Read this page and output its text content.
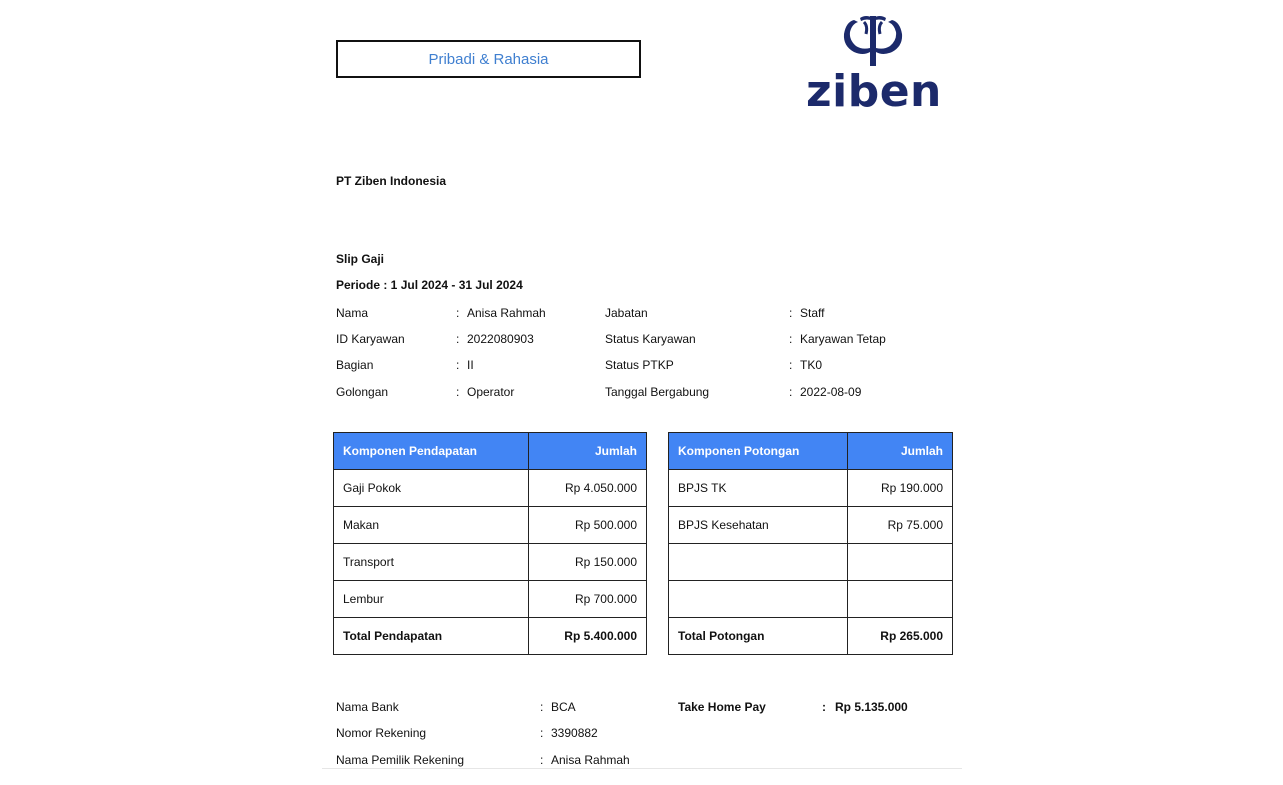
Pribadi & Rahasia
ziben
PT Ziben Indonesia
Slip Gaji
Periode : 1 Jul 2024 - 31 Jul 2024
Nama	: Anisa Rahmah
ID Karyawan	: 2022080903
Bagian	: II
Golongan	: Operator
Jabatan	: Staff
Status Karyawan	: Karyawan Tetap
Status PTKP	: TK0
Tanggal Bergabung	: 2022-08-09
Komponen Pendapatan	Jumlah
Gaji Pokok	Rp 4.050.000
Makan	Rp 500.000
Transport	Rp 150.000
Lembur	Rp 700.000
Total Pendapatan	Rp 5.400.000
Komponen Potongan	Jumlah
BPJS TK	Rp 190.000
BPJS Kesehatan	Rp 75.000

Total Potongan	Rp 265.000
Nama Bank	: BCA
Nomor Rekening	: 3390882
Nama Pemilik Rekening	: Anisa Rahmah
Take Home Pay	: Rp 5.135.000
